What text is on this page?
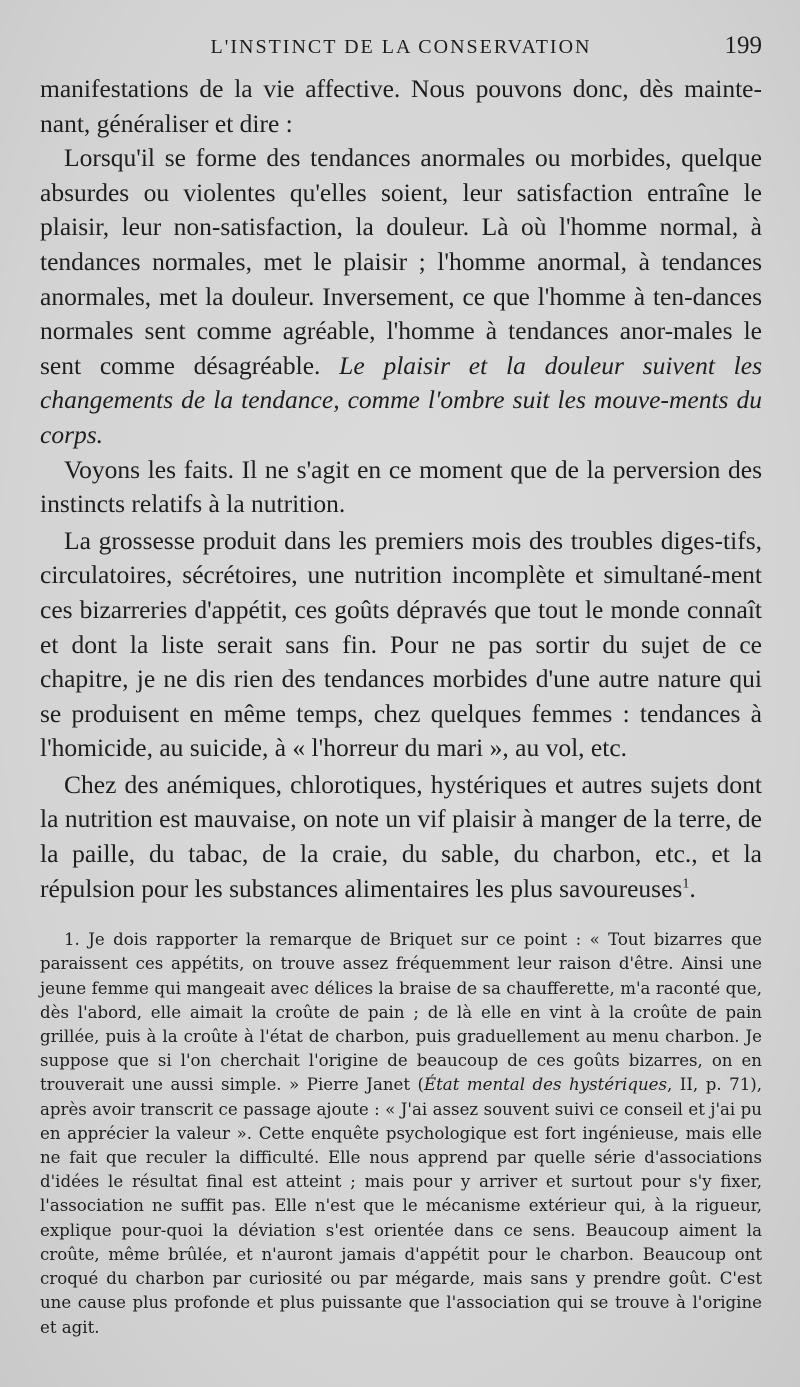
L'INSTINCT DE LA CONSERVATION	199

manifestations de la vie affective. Nous pouvons donc, dès mainte-nant, généraliser et dire :

Lorsqu'il se forme des tendances anormales ou morbides, quelque absurdes ou violentes qu'elles soient, leur satisfaction entraîne le plaisir, leur non-satisfaction, la douleur. Là où l'homme normal, à tendances normales, met le plaisir ; l'homme anormal, à tendances anormales, met la douleur. Inversement, ce que l'homme à ten-dances normales sent comme agréable, l'homme à tendances anor-males le sent comme désagréable. Le plaisir et la douleur suivent les changements de la tendance, comme l'ombre suit les mouve-ments du corps.

Voyons les faits. Il ne s'agit en ce moment que de la perversion des instincts relatifs à la nutrition.

La grossesse produit dans les premiers mois des troubles diges-tifs, circulatoires, sécrétoires, une nutrition incomplète et simultané-ment ces bizarreries d'appétit, ces goûts dépravés que tout le monde connaît et dont la liste serait sans fin. Pour ne pas sortir du sujet de ce chapitre, je ne dis rien des tendances morbides d'une autre nature qui se produisent en même temps, chez quelques femmes : tendances à l'homicide, au suicide, à « l'horreur du mari », au vol, etc.

Chez des anémiques, chlorotiques, hystériques et autres sujets dont la nutrition est mauvaise, on note un vif plaisir à manger de la terre, de la paille, du tabac, de la craie, du sable, du charbon, etc., et la répulsion pour les substances alimentaires les plus savoureuses$^1$.

1. Je dois rapporter la remarque de Briquet sur ce point : « Tout bizarres que paraissent ces appétits, on trouve assez fréquemment leur raison d'être. Ainsi une jeune femme qui mangeait avec délices la braise de sa chaufferette, m'a raconté que, dès l'abord, elle aimait la croûte de pain ; de là elle en vint à la croûte de pain grillée, puis à la croûte à l'état de charbon, puis graduellement au menu charbon. Je suppose que si l'on cherchait l'origine de beaucoup de ces goûts bizarres, on en trouverait une aussi simple. » Pierre Janet (État mental des hystériques, II, p. 71), après avoir transcrit ce passage ajoute : « J'ai assez souvent suivi ce conseil et j'ai pu en apprécier la valeur ». Cette enquête psychologique est fort ingénieuse, mais elle ne fait que reculer la difficulté. Elle nous apprend par quelle série d'associations d'idées le résultat final est atteint ; mais pour y arriver et surtout pour s'y fixer, l'association ne suffit pas. Elle n'est que le mécanisme extérieur qui, à la rigueur, explique pour-quoi la déviation s'est orientée dans ce sens. Beaucoup aiment la croûte, même brûlée, et n'auront jamais d'appétit pour le charbon. Beaucoup ont croqué du charbon par curiosité ou par mégarde, mais sans y prendre goût. C'est une cause plus profonde et plus puissante que l'association qui se trouve à l'origine et agit.
